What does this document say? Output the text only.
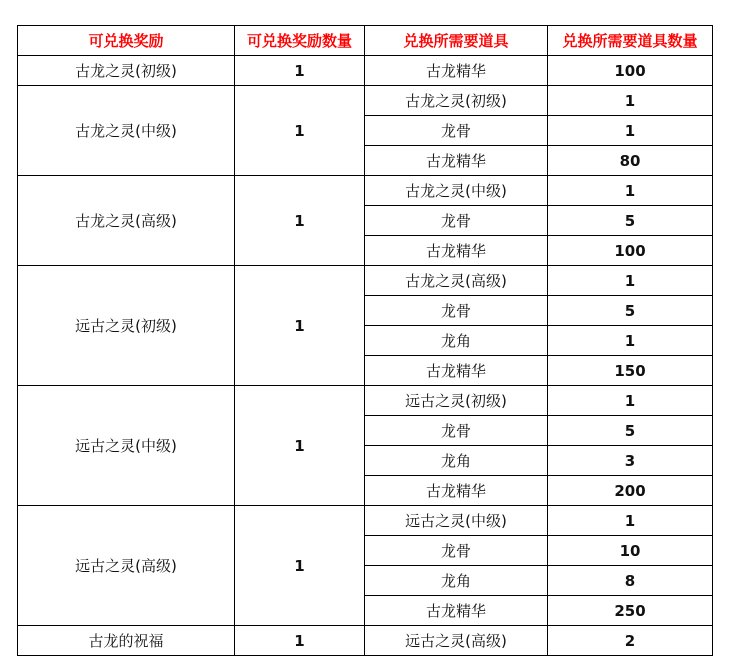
可兑换奖励	可兑换奖励数量	兑换所需要道具	兑换所需要道具数量
古龙之灵(初级)	1	古龙精华	100
古龙之灵(中级)	1	古龙之灵(初级)	1
		龙骨	1
		古龙精华	80
古龙之灵(高级)	1	古龙之灵(中级)	1
		龙骨	5
		古龙精华	100
远古之灵(初级)	1	古龙之灵(高级)	1
		龙骨	5
		龙角	1
		古龙精华	150
远古之灵(中级)	1	远古之灵(初级)	1
		龙骨	5
		龙角	3
		古龙精华	200
远古之灵(高级)	1	远古之灵(中级)	1
		龙骨	10
		龙角	8
		古龙精华	250
古龙的祝福	1	远古之灵(高级)	2
